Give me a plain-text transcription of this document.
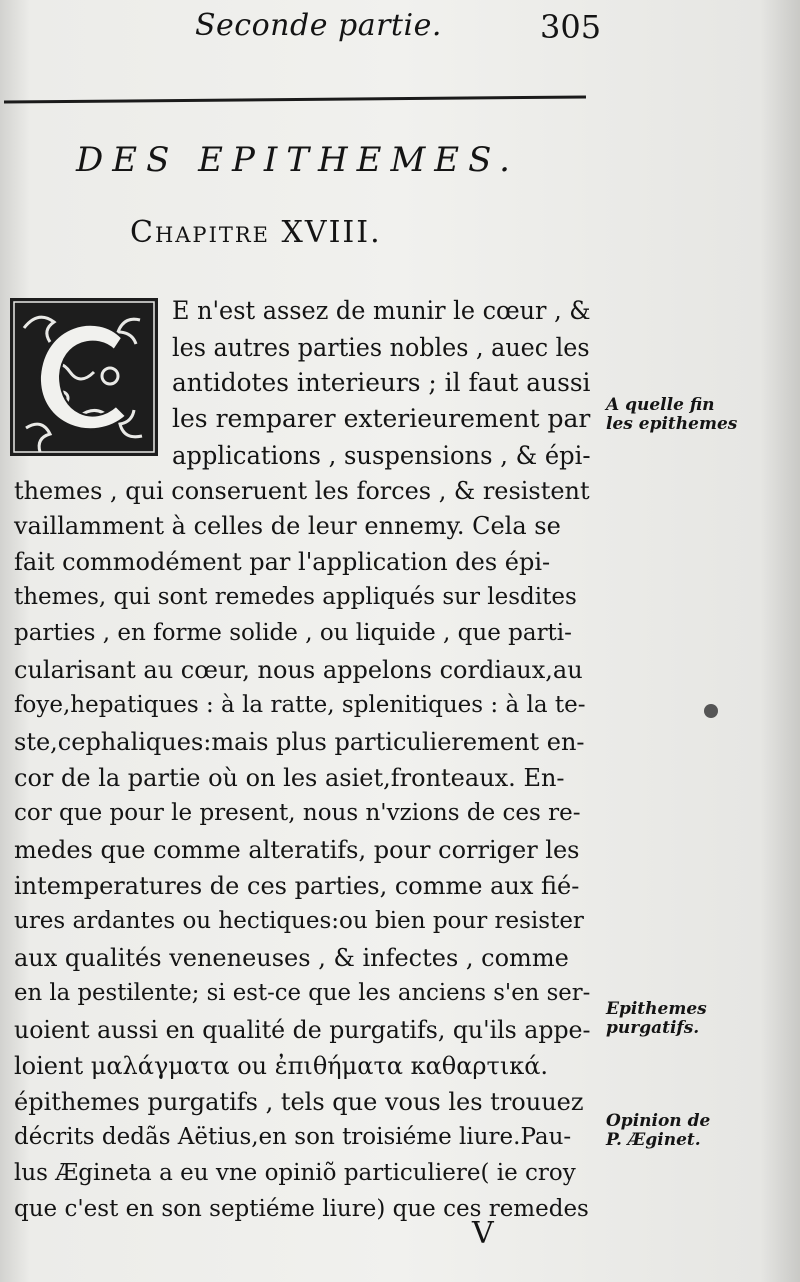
Seconde partie.	305
DES EPITHEMES.
Chapitre XVIII.
E n'est assez de munir le cœur , &
les autres parties nobles , auec les
antidotes interieurs ; il faut aussi
les remparer exterieurement par
applications , suspensions , & épi-
themes , qui conseruent les forces , & resistent
vaillamment à celles de leur ennemy. Cela se
fait commodément par l'application des épi-
themes, qui sont remedes appliqués sur lesdites
parties , en forme solide , ou liquide , que parti-
cularisant au cœur, nous appelons cordiaux,au
foye,hepatiques : à la ratte, splenitiques : à la te-
ste,cephaliques:mais plus particulierement en-
cor de la partie où on les asiet,fronteaux. En-
cor que pour le present, nous n'vzions de ces re-
medes que comme alteratifs, pour corriger les
intemperatures de ces parties, comme aux fié-
ures ardantes ou hectiques:ou bien pour resister
aux qualités veneneuses , & infectes , comme
en la pestilente; si est-ce que les anciens s'en ser-
uoient aussi en qualité de purgatifs, qu'ils appe-
loient μαλάγματα ou ἐπιθήματα καθαρτικά.
épithemes purgatifs , tels que vous les trouuez
décrits dedãs Aëtius,en son troisiéme liure.Pau-
lus Ægineta a eu vne opiniõ particuliere( ie croy
que c'est en son septiéme liure) que ces remedes
A quelle fin
les epithemes
Epithemes
purgatifs.
Opinion de
P. Æginet.
V
